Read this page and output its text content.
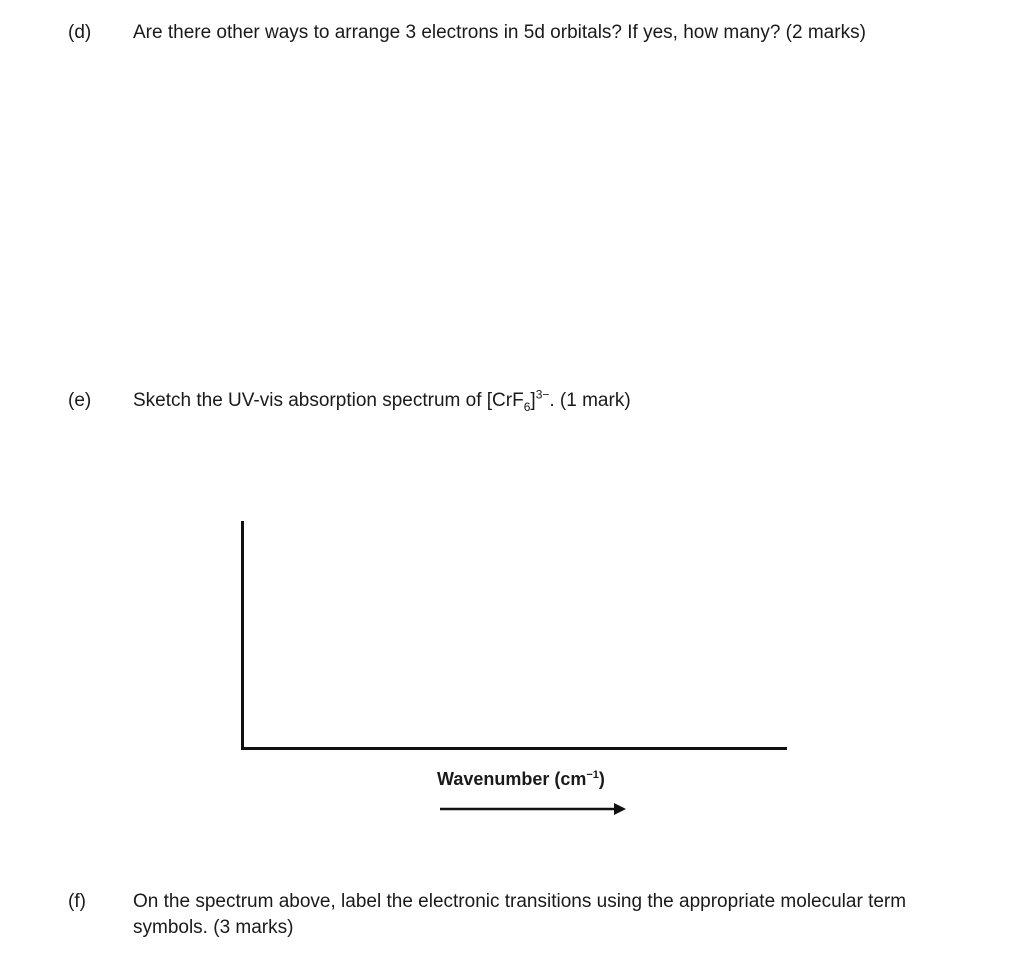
(d) Are there other ways to arrange 3 electrons in 5d orbitals? If yes, how many? (2 marks)
(e) Sketch the UV-vis absorption spectrum of $[CrF_6]^{3-}$. (1 mark)
Wavenumber $(cm^{-1})$
(f) On the spectrum above, label the electronic transitions using the appropriate molecular term symbols. (3 marks)
